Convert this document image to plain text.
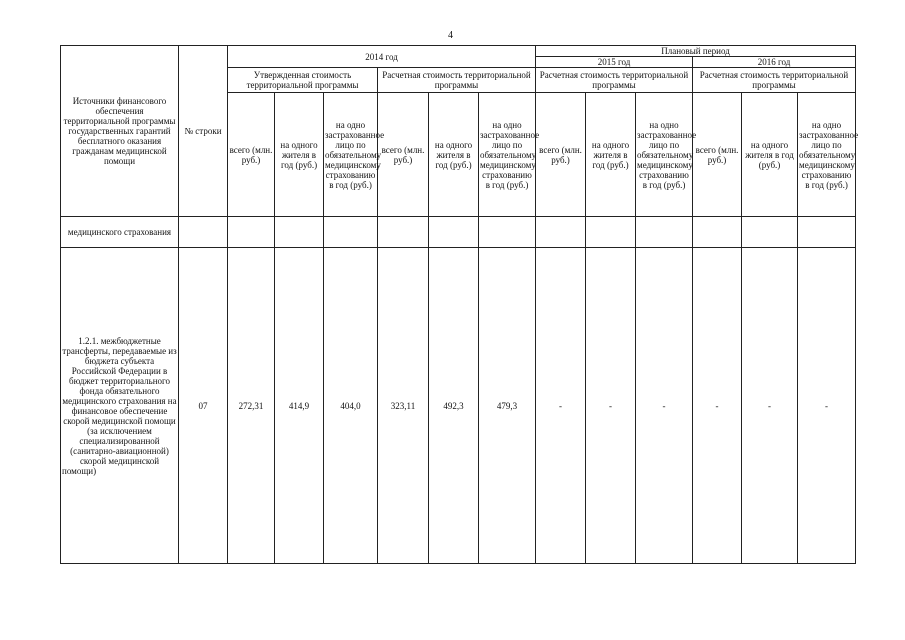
4
Источники финансового обеспечения территориальной программы государственных гарантий бесплатного оказания гражданам медицинской помощи	№ строки	2014 год						Плановый период					
								2015 год			2016 год		
		Утвержденная стоимость территориальной программы			Расчетная стоимость территориальной программы			Расчетная стоимость территориальной программы			Расчетная стоимость территориальной программы		
		всего (млн. руб.)	на одного жителя в год (руб.)	на одно застрахованное лицо по обязательному медицинскому страхованию в год (руб.)	всего (млн. руб.)	на одного жителя в год (руб.)	на одно застрахованное лицо по обязательному медицинскому страхованию в год (руб.)	всего (млн. руб.)	на одного жителя в год (руб.)	на одно застрахованное лицо по обязательному медицинскому страхованию в год (руб.)	всего (млн. руб.)	на одного жителя в год (руб.)	на одно застрахованное лицо по обязательному медицинскому страхованию в год (руб.)
медицинского страхования													
1.2.1. межбюджетные трансферты, передаваемые из бюджета субъекта Российской Федерации в бюджет территориального фонда обязательного медицинского страхования на финансовое обеспечение скорой медицинской помощи (за исключением специализированной (санитарно-авиационной) скорой медицинской помощи)	07	272,31	414,9	404,0	323,11	492,3	479,3	-	-	-	-	-	-
